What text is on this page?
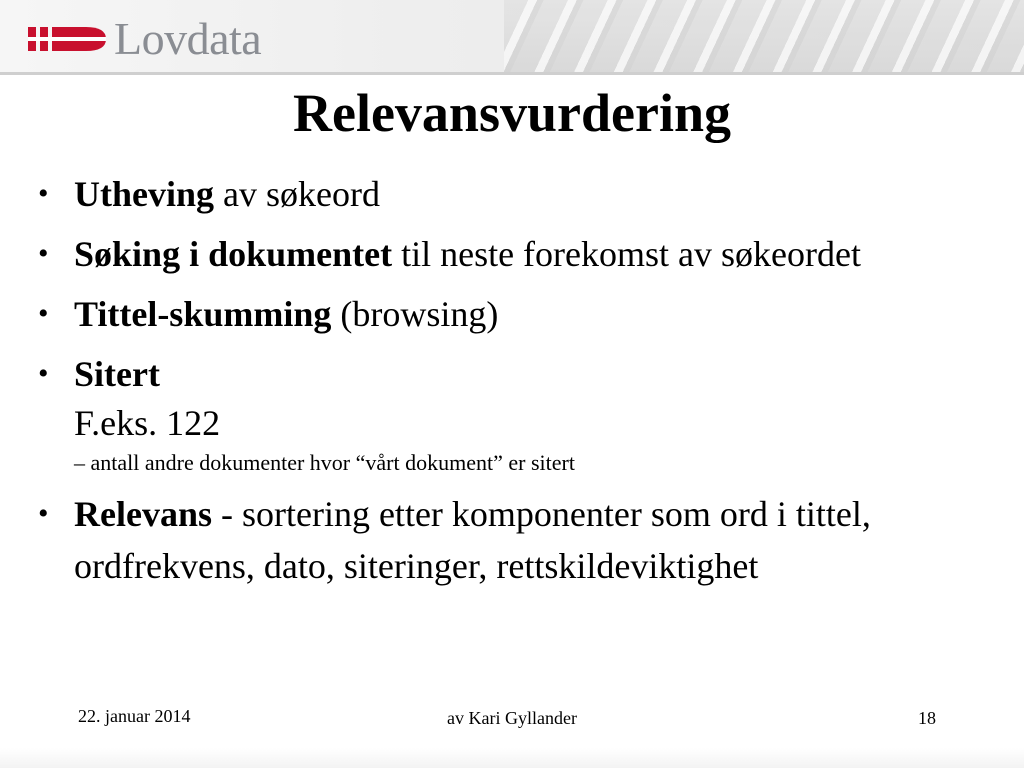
Lovdata
Relevansvurdering
• Utheving av søkeord
• Søking i dokumentet til neste forekomst av søkeordet
• Tittel-skumming (browsing)
• Sitert
F.eks. 122
– antall andre dokumenter hvor “vårt dokument” er sitert
• Relevans - sortering etter komponenter som ord i tittel, ordfrekvens, dato, siteringer, rettskildeviktighet
22. januar 2014	av Kari Gyllander	18
